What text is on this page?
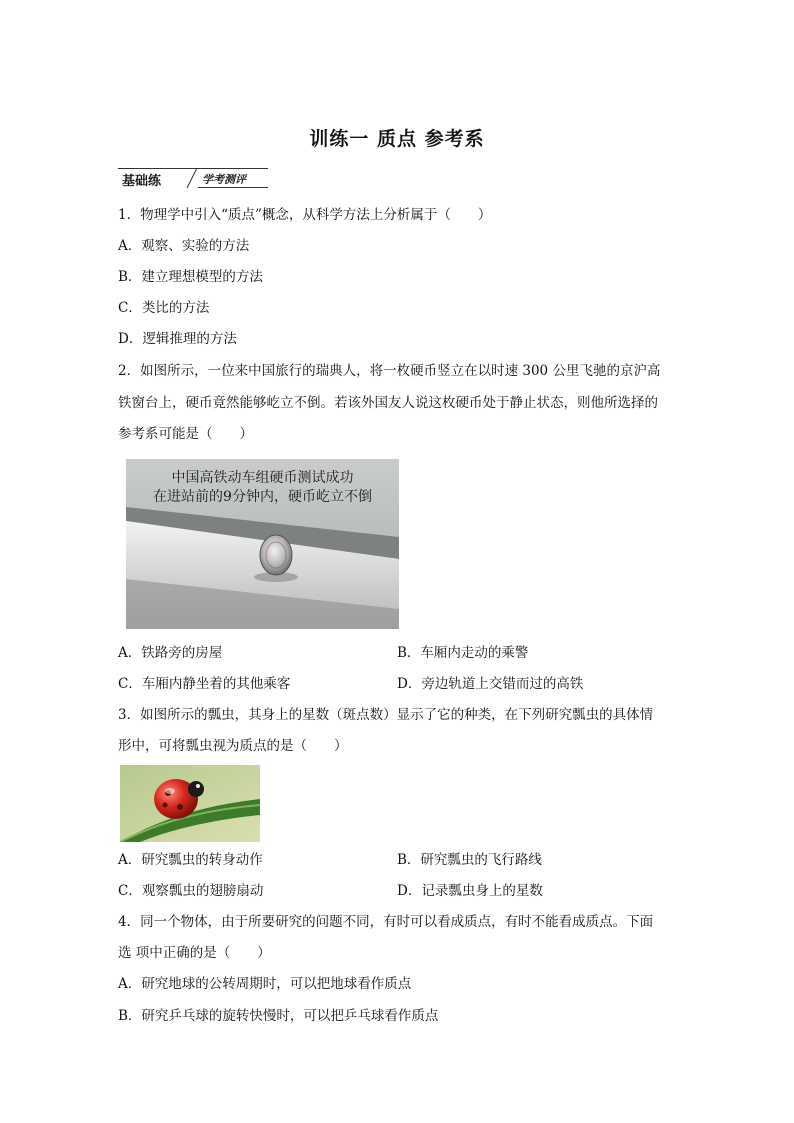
训练一 质点 参考系
基础练	学考测评
1．物理学中引入“质点”概念，从科学方法上分析属于（　　）
A．观察、实验的方法
B．建立理想模型的方法
C．类比的方法
D．逻辑推理的方法
2．如图所示，一位来中国旅行的瑞典人，将一枚硬币竖立在以时速 300 公里飞驰的京沪高
铁窗台上，硬币竟然能够屹立不倒。若该外国友人说这枚硬币处于静止状态，则他所选择的
参考系可能是（　　）
中国高铁动车组硬币测试成功
在进站前的9分钟内，硬币屹立不倒
A．铁路旁的房屋	B．车厢内走动的乘警
C．车厢内静坐着的其他乘客	D．旁边轨道上交错而过的高铁
3．如图所示的瓢虫，其身上的星数（斑点数）显示了它的种类，在下列研究瓢虫的具体情
形中，可将瓢虫视为质点的是（　　）
A．研究瓢虫的转身动作	B．研究瓢虫的飞行路线
C．观察瓢虫的翅膀扇动	D．记录瓢虫身上的星数
4．同一个物体，由于所要研究的问题不同，有时可以看成质点，有时不能看成质点。下面
选 项中正确的是（　　）
A．研究地球的公转周期时，可以把地球看作质点
B．研究乒乓球的旋转快慢时，可以把乒乓球看作质点
